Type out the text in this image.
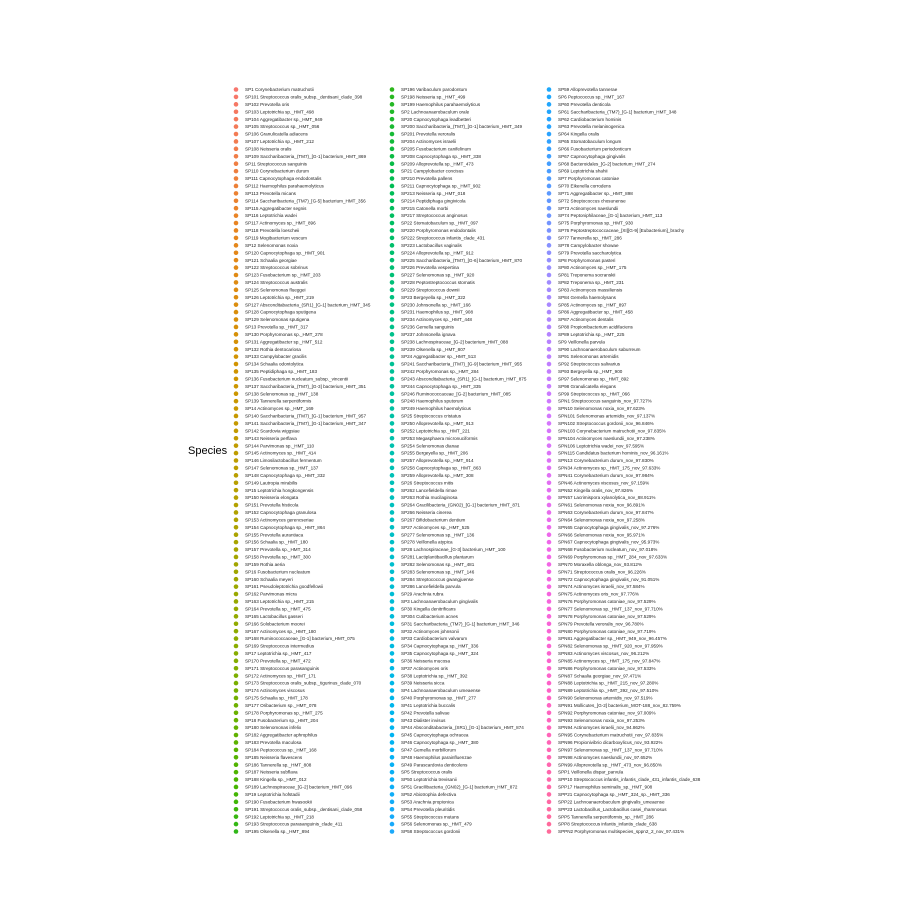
Species
SP1 Corynebacterium matruchotii
SP101 Streptococcus oralis_subsp._dentisani_clade_398
SP102 Prevotella oris
SP103 Leptotrichia sp._HMT_498
SP104 Aggregatibacter sp._HMT_949
SP105 Streptococcus sp._HMT_056
SP106 Granulicatella adiacens
SP107 Leptotrichia sp._HMT_212
SP108 Neisseria oralis
SP109 Saccharibacteria_(TM7)_[G-1] bacterium_HMT_869
SP11 Streptococcus sanguinis
SP110 Corynebacterium durum
SP111 Capnocytophaga endodontalis
SP112 Haemophilus parahaemolyticus
SP113 Prevotella micans
SP114 Saccharibacteria_(TM7)_[G-5] bacterium_HMT_356
SP115 Aggregatibacter segnis
SP116 Leptotrichia wadei
SP117 Actinomyces sp._HMT_896
SP118 Prevotella loescheii
SP119 Mogibacterium vescum
SP12 Selenomonas noxia
SP120 Capnocytophaga sp._HMT_901
SP121 Schaalia georgiae
SP122 Streptococcus sobrinus
SP123 Fusobacterium sp._HMT_203
SP124 Streptococcus australis
SP125 Selenomonas flueggei
SP126 Leptotrichia sp._HMT_219
SP127 Absconditabacteria_(SR1)_[G-1] bacterium_HMT_345
SP128 Capnocytophaga sputigena
SP129 Selenomonas sputigena
SP13 Prevotella sp._HMT_317
SP130 Porphyromonas sp._HMT_278
SP131 Aggregatibacter sp._HMT_512
SP132 Rothia dentocariosa
SP133 Campylobacter gracilis
SP134 Schaalia odontolytica
SP135 Peptidiphaga sp._HMT_183
SP136 Fusobacterium nucleatum_subsp._vincentii
SP137 Saccharibacteria_(TM7)_[G-3] bacterium_HMT_351
SP138 Selenomonas sp._HMT_138
SP139 Tannerella serpentiformis
SP14 Actinomyces sp._HMT_169
SP140 Saccharibacteria_(TM7)_[G-1] bacterium_HMT_957
SP141 Saccharibacteria_(TM7)_[G-1] bacterium_HMT_347
SP142 Scardovia wiggsiae
SP143 Neisseria perflava
SP144 Parvimonas sp._HMT_110
SP145 Actinomyces sp._HMT_414
SP146 Limosilactobacillus fermentum
SP147 Selenomonas sp._HMT_137
SP148 Capnocytophaga sp._HMT_332
SP149 Lautropia mirabilis
SP15 Leptotrichia hongkongensis
SP150 Neisseria elongata
SP151 Prevotella histicola
SP152 Capnocytophaga granulosa
SP153 Actinomyces gerencseriae
SP154 Capnocytophaga sp._HMT_864
SP155 Prevotella aurantiaca
SP156 Schaalia sp._HMT_180
SP157 Prevotella sp._HMT_314
SP158 Prevotella sp._HMT_300
SP159 Rothia aeria
SP16 Fusobacterium nucleatum
SP160 Schaalia meyeri
SP161 Pseudoleptotrichia goodfellowii
SP162 Parvimonas micra
SP163 Leptotrichia sp._HMT_215
SP164 Prevotella sp._HMT_475
SP165 Lactobacillus gasseri
SP166 Solobacterium moorei
SP167 Actinomyces sp._HMT_180
SP168 Ruminococcaceae_[G-1] bacterium_HMT_075
SP169 Streptococcus intermedius
SP17 Leptotrichia sp._HMT_417
SP170 Prevotella sp._HMT_472
SP171 Streptococcus parasanguinis
SP172 Actinomyces sp._HMT_171
SP173 Streptococcus oralis_subsp._tigurinus_clade_070
SP174 Actinomyces viscosus
SP175 Schaalia sp._HMT_178
SP177 Oribacterium sp._HMT_078
SP178 Porphyromonas sp._HMT_275
SP18 Fusobacterium sp._HMT_204
SP180 Selenomonas infelix
SP182 Aggregatibacter aphrophilus
SP183 Prevotella maculosa
SP184 Peptococcus sp._HMT_168
SP185 Neisseria flavescens
SP186 Tannerella sp._HMT_808
SP187 Neisseria subflava
SP188 Kingella sp._HMT_012
SP189 Lachnospiraceae_[G-2] bacterium_HMT_096
SP19 Leptotrichia hofstadii
SP190 Fusobacterium hwasookii
SP191 Streptococcus oralis_subsp._dentisani_clade_058
SP192 Leptotrichia sp._HMT_218
SP193 Streptococcus parasanguinis_clade_411
SP195 Olsenella sp._HMT_894
SP196 Varibaculum parodontum
SP198 Neisseria sp._HMT_499
SP199 Haemophilus parahaemolyticus
SP2 Lachnoanaerobaculum orale
SP20 Capnocytophaga leadbetteri
SP200 Saccharibacteria_(TM7)_[G-1] bacterium_HMT_349
SP201 Prevotella veroralis
SP204 Actinomyces israelii
SP205 Fusobacterium canifelinum
SP208 Capnocytophaga sp._HMT_338
SP209 Alloprevotella sp._HMT_473
SP21 Campylobacter concisus
SP210 Prevotella pallens
SP211 Capnocytophaga sp._HMT_902
SP213 Neisseria sp._HMT_018
SP214 Peptidiphaga gingivicola
SP215 Catonella morbi
SP217 Streptococcus anginosus
SP22 Stomatobaculum sp._HMT_097
SP220 Porphyromonas endodontalis
SP222 Streptococcus infantis_clade_431
SP223 Lactobacillus vaginalis
SP224 Alloprevotella sp._HMT_912
SP225 Saccharibacteria_(TM7)_[G-6] bacterium_HMT_870
SP226 Prevotella vespertina
SP227 Selenomonas sp._HMT_920
SP228 Peptostreptococcus stomatis
SP229 Streptococcus downii
SP23 Bergeyella sp._HMT_322
SP230 Johnsonella sp._HMT_166
SP231 Haemophilus sp._HMT_908
SP234 Actinomyces sp._HMT_448
SP236 Gemella sanguinis
SP237 Johnsonella ignava
SP238 Lachnospiraceae_[G-2] bacterium_HMT_088
SP239 Olsenella sp._HMT_807
SP24 Aggregatibacter sp._HMT_513
SP241 Saccharibacteria_(TM7)_[G-9] bacterium_HMT_955
SP242 Porphyromonas sp._HMT_284
SP243 Absconditabacteria_(SR1)_[G-1] bacterium_HMT_875
SP244 Capnocytophaga sp._HMT_335
SP246 Ruminococcaceae_[G-2] bacterium_HMT_085
SP248 Haemophilus sputorum
SP249 Haemophilus haemolyticus
SP25 Streptococcus cristatus
SP250 Alloprevotella sp._HMT_913
SP252 Leptotrichia sp._HMT_221
SP253 Megasphaera micronuciformis
SP254 Selenomonas dianae
SP255 Bergeyella sp._HMT_206
SP257 Alloprevotella sp._HMT_914
SP258 Capnocytophaga sp._HMT_863
SP259 Alloprevotella sp._HMT_308
SP26 Streptococcus mitis
SP262 Lancefieldella rimae
SP263 Rothia mucilaginosa
SP264 Gracilibacteria_(GN02)_[G-1] bacterium_HMT_871
SP266 Neisseria cinerea
SP267 Bifidobacterium dentium
SP27 Actinomyces sp._HMT_525
SP277 Selenomonas sp._HMT_136
SP278 Veillonella atypica
SP28 Lachnospiraceae_[G-3] bacterium_HMT_100
SP281 Lactiplantibacillus plantarum
SP282 Selenomonas sp._HMT_481
SP283 Selenomonas sp._HMT_146
SP284 Streptococcus gwangjuense
SP286 Lancefieldella parvula
SP29 Arachnia rubra
SP3 Lachnoanaerobaculum gingivalis
SP30 Kingella denitrificans
SP304 Cutibacterium acnes
SP31 Saccharibacteria_(TM7)_[G-1] bacterium_HMT_346
SP32 Actinomyces johnsonii
SP33 Cardiobacterium valvarum
SP34 Capnocytophaga sp._HMT_336
SP35 Capnocytophaga sp._HMT_324
SP36 Neisseria mucosa
SP37 Actinomyces oris
SP38 Leptotrichia sp._HMT_392
SP39 Neisseria sicca
SP4 Lachnoanaerobaculum umeaense
SP40 Porphyromonas sp._HMT_277
SP41 Leptotrichia buccalis
SP42 Prevotella salivae
SP43 Dialister invisus
SP44 Absconditabacteria_(SR1)_[G-1] bacterium_HMT_874
SP45 Capnocytophaga ochracea
SP46 Capnocytophaga sp._HMT_380
SP47 Gemella morbillorum
SP48 Haemophilus parainfluenzae
SP49 Parascardovia denticolens
SP5 Streptococcus oralis
SP50 Leptotrichia trevisanii
SP51 Gracilibacteria_(GN02)_[G-1] bacterium_HMT_872
SP52 Abiotrophia defectiva
SP53 Arachnia propionica
SP54 Prevotella pleuritidis
SP55 Streptococcus mutans
SP56 Selenomonas sp._HMT_479
SP58 Streptococcus gordonii
SP59 Alloprevotella tannerae
SP6 Peptococcus sp._HMT_167
SP60 Prevotella denticola
SP61 Saccharibacteria_(TM7)_[G-1] bacterium_HMT_348
SP62 Cardiobacterium hominis
SP63 Prevotella melaninogenica
SP64 Kingella oralis
SP65 Stomatobaculum longum
SP66 Fusobacterium periodonticum
SP67 Capnocytophaga gingivalis
SP68 Bacteroidales_[G-2] bacterium_HMT_274
SP69 Leptotrichia shahii
SP7 Porphyromonas catoniae
SP70 Eikenella corrodens
SP71 Aggregatibacter sp._HMT_898
SP72 Streptococcus chosunense
SP73 Actinomyces naeslundii
SP74 Peptoniphilaceae_[G-1] bacterium_HMT_113
SP75 Porphyromonas sp._HMT_930
SP76 Peptostreptococcaceae_[XI][G-9] [Eubacterium]_brachy
SP77 Tannerella sp._HMT_286
SP78 Campylobacter showae
SP79 Prevotella saccharolytica
SP8 Porphyromonas pasteri
SP80 Actinomyces sp._HMT_175
SP81 Treponema socranskii
SP82 Treponema sp._HMT_231
SP83 Actinomyces massiliensis
SP84 Gemella haemolysans
SP85 Actinomyces sp._HMT_897
SP86 Aggregatibacter sp._HMT_458
SP87 Actinomyces dentalis
SP88 Propionibacterium acidifaciens
SP89 Leptotrichia sp._HMT_225
SP9 Veillonella parvula
SP90 Lachnoanaerobaculum saburreum
SP91 Selenomonas artemidis
SP92 Streptococcus salivarius
SP93 Bergeyella sp._HMT_900
SP97 Selenomonas sp._HMT_892
SP98 Granulicatella elegans
SP99 Streptococcus sp._HMT_066
SPN1 Streptococcus sanguinis_nov_97.727%
SPN10 Selenomonas noxia_nov_97.623%
SPN101 Selenomonas artemidis_nov_97.137%
SPN102 Streptococcus gordonii_nov_96.846%
SPN103 Corynebacterium matruchotii_nov_97.835%
SPN104 Actinomyces naeslundii_nov_97.238%
SPN106 Leptotrichia wadei_nov_97.595%
SPN115 Candidatus bacterium hominis_nov_96.161%
SPN13 Corynebacterium durum_nov_97.830%
SPN34 Actinomyces sp._HMT_175_nov_97.633%
SPN41 Corynebacterium durum_nov_97.984%
SPN46 Actinomyces viscosus_nov_97.159%
SPN52 Kingella oralis_nov_97.826%
SPN57 Lacrimispora xylanolytica_nov_88.911%
SPN61 Selenomonas noxia_nov_96.891%
SPN63 Corynebacterium durum_nov_97.847%
SPN64 Selenomonas noxia_nov_97.258%
SPN65 Capnocytophaga gingivalis_nov_97.276%
SPN66 Selenomonas noxia_nov_95.971%
SPN67 Capnocytophaga gingivalis_nov_95.973%
SPN68 Fusobacterium nucleatum_nov_97.018%
SPN69 Porphyromonas sp._HMT_284_nov_97.633%
SPN70 Moraxella oblonga_nov_93.812%
SPN71 Streptococcus oralis_nov_96.226%
SPN72 Capnocytophaga gingivalis_nov_91.051%
SPN74 Actinomyces israelii_nov_97.584%
SPN75 Actinomyces oris_nov_97.776%
SPN76 Porphyromonas catoniae_nov_97.529%
SPN77 Selenomonas sp._HMT_137_nov_97.710%
SPN78 Porphyromonas catoniae_nov_97.529%
SPN79 Prevotella veroralis_nov_96.780%
SPN80 Porphyromonas catoniae_nov_97.719%
SPN81 Aggregatibacter sp._HMT_949_nov_96.457%
SPN82 Selenomonas sp._HMT_920_nov_97.959%
SPN83 Actinomyces viscosus_nov_96.212%
SPN85 Actinomyces sp._HMT_175_nov_97.847%
SPN86 Porphyromonas catoniae_nov_97.533%
SPN87 Schaalia georgiae_nov_97.471%
SPN88 Leptotrichia sp._HMT_215_nov_97.280%
SPN89 Leptotrichia sp._HMT_392_nov_97.510%
SPN90 Selenomonas artemidis_nov_97.519%
SPN91 Mollicutes_[G-2] bacterium_MOT-188_nov_82.759%
SPN92 Porphyromonas catoniae_nov_97.009%
SPN93 Selenomonas noxia_nov_97.253%
SPN94 Actinomyces israelii_nov_94.862%
SPN95 Corynebacterium matruchotii_nov_97.835%
SPN96 Propionivibrio dicarboxylicus_nov_93.922%
SPN97 Selenomonas sp._HMT_137_nov_97.710%
SPN98 Actinomyces naeslundii_nov_97.652%
SPN99 Alloprevotella sp._HMT_473_nov_96.850%
SPP1 Veillonella dispar_parvula
SPP10 Streptococcus infantis_infantis_clade_431_infantis_clade_638
SPP17 Haemophilus seminalis_sp._HMT_908
SPP21 Capnocytophaga sp._HMT_324_sp._HMT_336
SPP22 Lachnoanaerobaculum gingivalis_umeaense
SPP23 Lactobacillus_Lactobacillus casei_rhamnosus
SPP5 Tannerella serpentiformis_sp._HMT_286
SPP8 Streptococcus infantis_infantis_clade_638
SPPN2 Porphyromonas multispecies_sppn2_2_nov_97.431%
